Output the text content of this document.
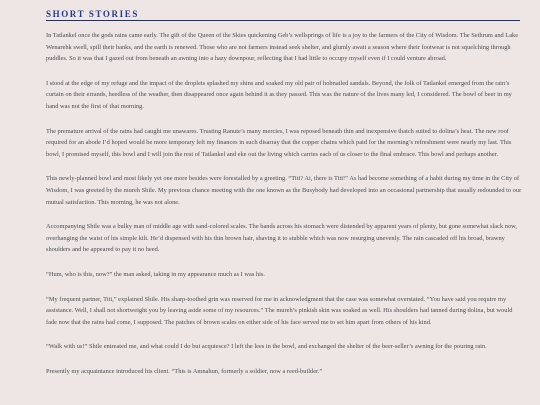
SHORT STORIES

In Tatlankel once the gods rains came early. The gift of the Queen of the Skies quickening Geb’s wellsprings of life is a joy to the farmers of the City of Wisdom. The Sethrum and Lake Wenarehk swell, spill their banks, and the earth is renewed. Those who are not farmers instead seek shelter, and glumly await a season where their footwear is not squelching through puddles. So it was that I gazed out from beneath an awning into a hazy downpour, reflecting that I had little to occupy myself even if I could venture abroad.

I stood at the edge of my refuge and the impact of the droplets splashed my shins and soaked my old pair of hobnailed sandals. Beyond, the folk of Tatlankel emerged from the rain’s curtain on their errands, heedless of the weather, then disappeared once again behind it as they passed. This was the nature of the lives many led, I considered. The bowl of beer in my hand was not the first of that morning.

The premature arrival of the rains had caught me unawares. Trusting Ranute’s many mercies, I was reposed beneath thin and inexpensive thatch suited to dolina’s heat. The new roof required for an abode I’d hoped would be more temporary left my finances in such disarray that the copper chains which paid for the morning’s refreshment were nearly my last. This bowl, I promised myself, this bowl and I will join the rest of Tatlankel and eke out the living which carries each of us closer to the final embrace. This bowl and perhaps another.

This newly-planned bowl and most likely yet one more besides were forestalled by a greeting. “Titi? Ai, there is Titi!” As had become something of a habit during my time in the City of Wisdom, I was greeted by the mureh Shile. My previous chance meeting with the one known as the Busybody had developed into an occasional partnership that usually redounded to our mutual satisfaction. This morning, he was not alone.

Accompanying Shile was a bulky man of middle age with sand-colored scales. The bands across his stomach were distended by apparent years of plenty, but gone somewhat slack now, overhanging the waist of his simple kilt. He’d dispensed with his thin brown hair, shaving it to stubble which was now resurging unevenly. The rain cascaded off his broad, brawny shoulders and he appeared to pay it no heed.

“Hum, who is this, now?” the man asked, taking in my appearance much as I was his.

“My frequent partner, Titi,” explained Shile. His sharp-toothed grin was reserved for me in acknowledgment that the case was somewhat overstated. “You have said you require my assistance. Well, I shall not shortweight you by leaving aside some of my resources.” The mureh’s pinkish skin was soaked as well. His shoulders had tanned during dolina, but would fade now that the rains had come, I supposed. The patches of brown scales on either side of his face served me to set him apart from others of his kind.

“Walk with us!” Shile entreated me, and what could I do but acquiesce? I left the lees in the bowl, and exchanged the shelter of the beer-seller’s awning for the pouring rain.

Presently my acquaintance introduced his client. “This is Amnahun, formerly a soldier, now a reed-builder.”
